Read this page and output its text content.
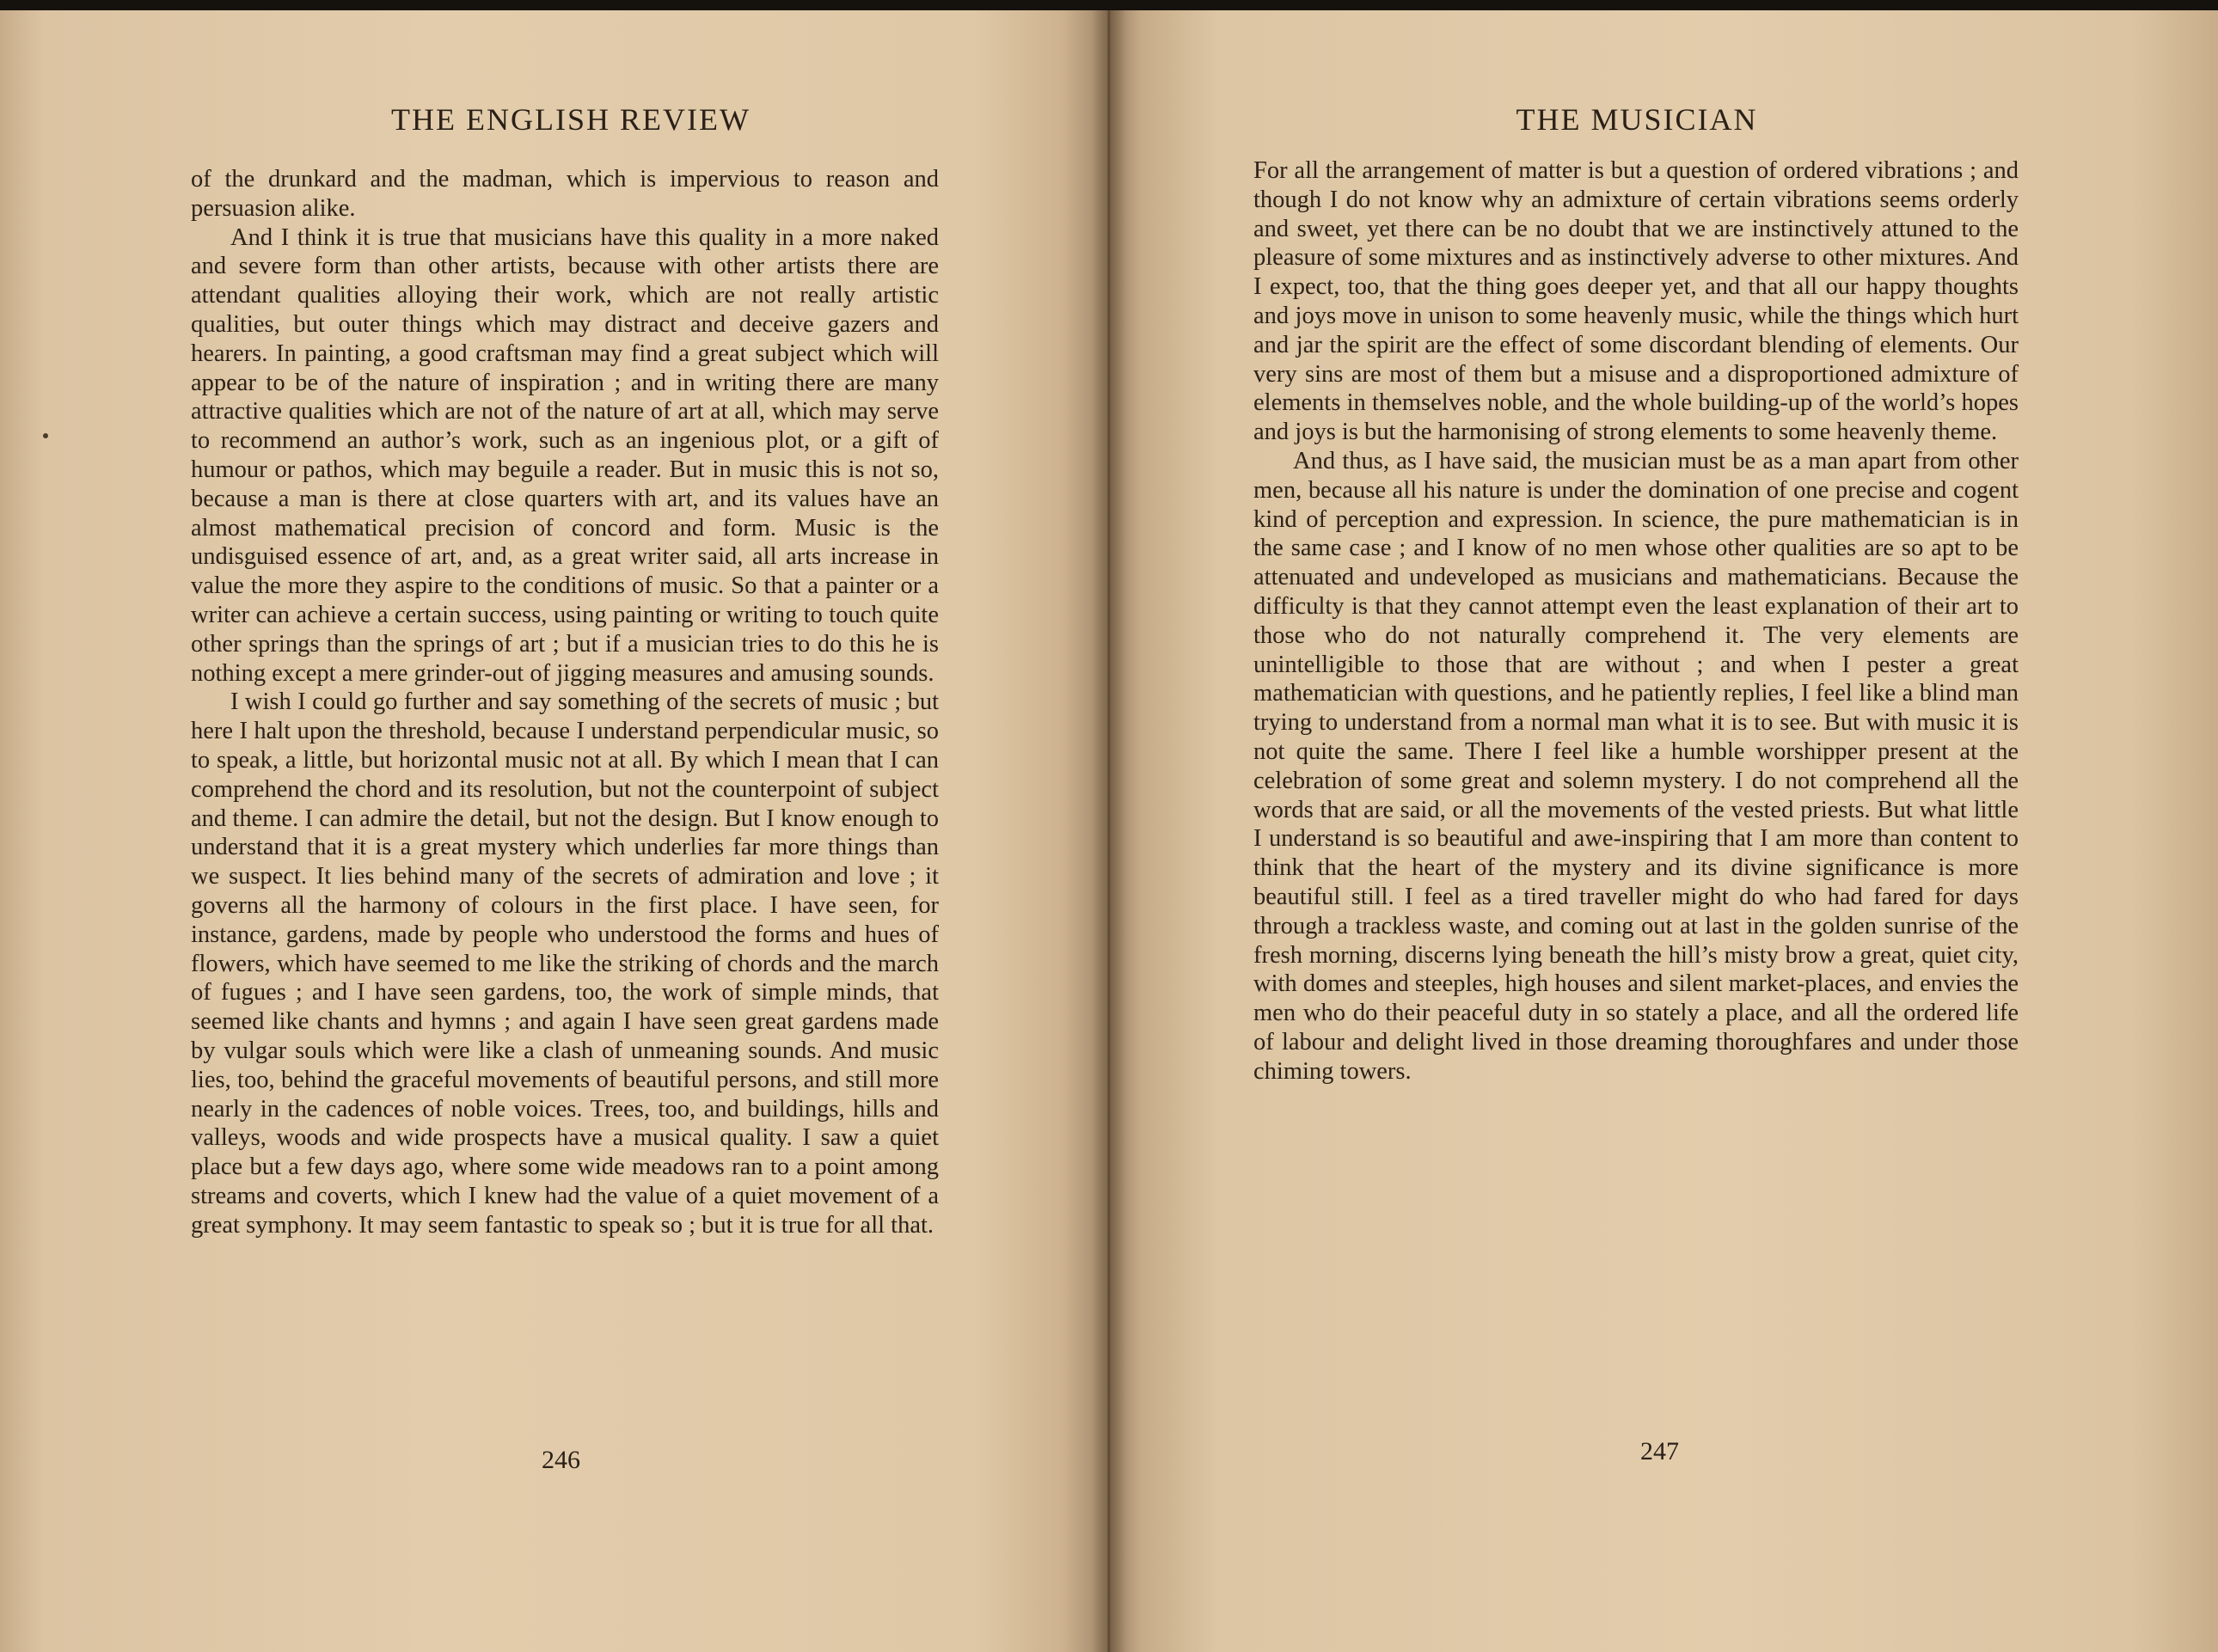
THE ENGLISH REVIEW

of the drunkard and the madman, which is impervious to reason and persuasion alike.

And I think it is true that musicians have this quality in a more naked and severe form than other artists, because with other artists there are attendant qualities alloying their work, which are not really artistic qualities, but outer things which may distract and deceive gazers and hearers. In painting, a good craftsman may find a great subject which will appear to be of the nature of inspiration ; and in writing there are many attractive qualities which are not of the nature of art at all, which may serve to recommend an author’s work, such as an ingenious plot, or a gift of humour or pathos, which may beguile a reader. But in music this is not so, because a man is there at close quarters with art, and its values have an almost mathematical precision of concord and form. Music is the undisguised essence of art, and, as a great writer said, all arts increase in value the more they aspire to the conditions of music. So that a painter or a writer can achieve a certain success, using painting or writing to touch quite other springs than the springs of art ; but if a musician tries to do this he is nothing except a mere grinder-out of jigging measures and amusing sounds.

I wish I could go further and say something of the secrets of music ; but here I halt upon the threshold, because I understand perpendicular music, so to speak, a little, but horizontal music not at all. By which I mean that I can comprehend the chord and its resolution, but not the counterpoint of subject and theme. I can admire the detail, but not the design. But I know enough to understand that it is a great mystery which underlies far more things than we suspect. It lies behind many of the secrets of admiration and love ; it governs all the harmony of colours in the first place. I have seen, for instance, gardens, made by people who understood the forms and hues of flowers, which have seemed to me like the striking of chords and the march of fugues ; and I have seen gardens, too, the work of simple minds, that seemed like chants and hymns ; and again I have seen great gardens made by vulgar souls which were like a clash of unmeaning sounds. And music lies, too, behind the graceful movements of beautiful persons, and still more nearly in the cadences of noble voices. Trees, too, and buildings, hills and valleys, woods and wide prospects have a musical quality. I saw a quiet place but a few days ago, where some wide meadows ran to a point among streams and coverts, which I knew had the value of a quiet movement of a great symphony. It may seem fantastic to speak so ; but it is true for all that.

246
THE MUSICIAN

For all the arrangement of matter is but a question of ordered vibrations ; and though I do not know why an admixture of certain vibrations seems orderly and sweet, yet there can be no doubt that we are instinctively attuned to the pleasure of some mixtures and as instinctively adverse to other mixtures. And I expect, too, that the thing goes deeper yet, and that all our happy thoughts and joys move in unison to some heavenly music, while the things which hurt and jar the spirit are the effect of some discordant blending of elements. Our very sins are most of them but a misuse and a disproportioned admixture of elements in themselves noble, and the whole building-up of the world’s hopes and joys is but the harmonising of strong elements to some heavenly theme.

And thus, as I have said, the musician must be as a man apart from other men, because all his nature is under the domination of one precise and cogent kind of perception and expression. In science, the pure mathematician is in the same case ; and I know of no men whose other qualities are so apt to be attenuated and undeveloped as musicians and mathematicians. Because the difficulty is that they cannot attempt even the least explanation of their art to those who do not naturally comprehend it. The very elements are unintelligible to those that are without ; and when I pester a great mathematician with questions, and he patiently replies, I feel like a blind man trying to understand from a normal man what it is to see. But with music it is not quite the same. There I feel like a humble worshipper present at the celebration of some great and solemn mystery. I do not comprehend all the words that are said, or all the movements of the vested priests. But what little I understand is so beautiful and awe-inspiring that I am more than content to think that the heart of the mystery and its divine significance is more beautiful still. I feel as a tired traveller might do who had fared for days through a trackless waste, and coming out at last in the golden sunrise of the fresh morning, discerns lying beneath the hill’s misty brow a great, quiet city, with domes and steeples, high houses and silent market-places, and envies the men who do their peaceful duty in so stately a place, and all the ordered life of labour and delight lived in those dreaming thoroughfares and under those chiming towers.

247
